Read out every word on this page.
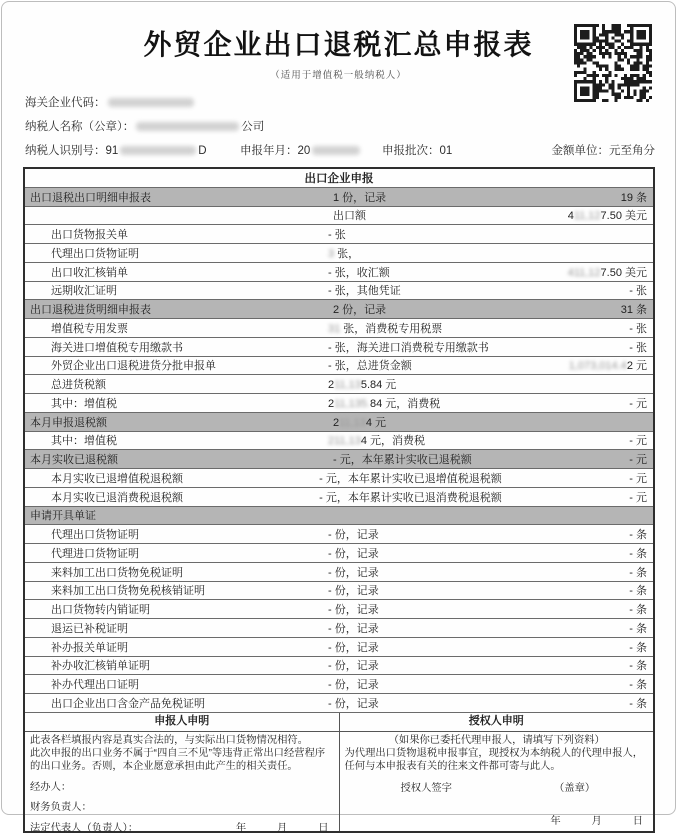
外贸企业出口退税汇总申报表
（适用于增值税一般纳税人）
海关企业代码：
纳税人名称（公章）：	公司
纳税人识别号：91	D	申报年月：20	申报批次：01	金额单位：元至角分
出口企业申报
出口退税出口明细申报表	1 份，记录	19 条
出口额	411,127.50 美元
出口货物报关单	- 张
代理出口货物证明	3 张，
出口收汇核销单	- 张，收汇额	411,127.50 美元
远期收汇证明	- 张，其他凭证	- 张
出口退税进货明细申报表	2 份，记录	31 条
增值税专用发票	31 张，消费税专用税票	- 张
海关进口增值税专用缴款书	- 张，海关进口消费税专用缴款书	- 张
外贸企业出口退税进货分批申报单	- 张，总进货金额	1,073,014.42 元
总进货税额	211,135.84 元
其中：增值税	211,135.84 元，消费税	- 元
本月申报退税额	211,134 元
其中：增值税	211,134 元，消费税	- 元
本月实收已退税额	- 元，本年累计实收已退税额	- 元
本月实收已退增值税退税额	- 元，本年累计实收已退增值税退税额	- 元
本月实收已退消费税退税额	- 元，本年累计实收已退消费税退税额	- 元
申请开具单证
代理出口货物证明	- 份，记录	- 条
代理进口货物证明	- 份，记录	- 条
来料加工出口货物免税证明	- 份，记录	- 条
来料加工出口货物免税核销证明	- 份，记录	- 条
出口货物转内销证明	- 份，记录	- 条
退运已补税证明	- 份，记录	- 条
补办报关单证明	- 份，记录	- 条
补办收汇核销单证明	- 份，记录	- 条
补办代理出口证明	- 份，记录	- 条
出口企业出口含金产品免税证明	- 份，记录	- 条
申报人申明	授权人申明

此表各栏填报内容是真实合法的，与实际出口货物情况相符。
此次申报的出口业务不属于“四自三不见”等违背正常出口经营程序的出口业务。否则，本企业愿意承担由此产生的相关责任。

经办人：
财务负责人：
法定代表人（负责人）：	年　　　月　　　日

（如果你已委托代理申报人，请填写下列资料）

为代理出口货物退税申报事宜，现授权为本纳税人的代理申报人，任何与本申报表有关的往来文件都可寄与此人。

授权人签字	（盖章）
年　　　月　　　日
